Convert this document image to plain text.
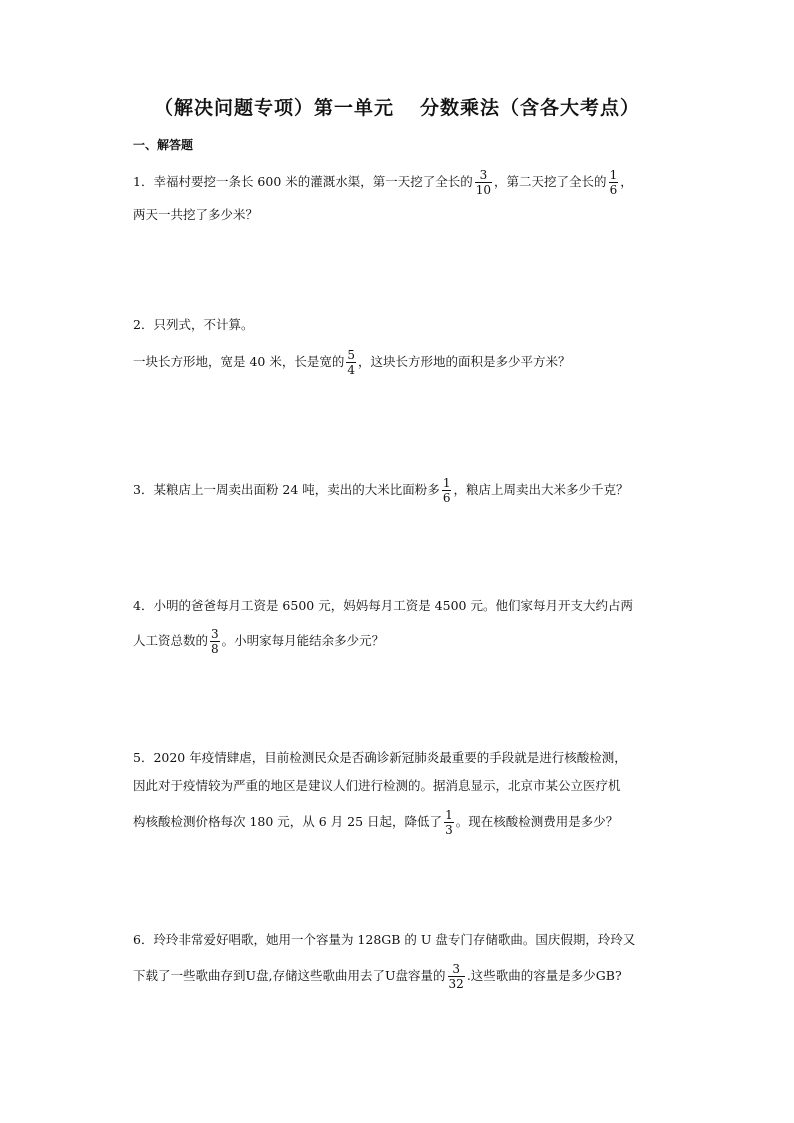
（解决问题专项）第一单元 分数乘法（含各大考点）
一、解答题
1．幸福村要挖一条长 600 米的灌溉水渠，第一天挖了全长的 $\frac{3}{10}$ ，第二天挖了全长的 $\frac{1}{6}$ ，
两天一共挖了多少米？
2．只列式，不计算。
一块长方形地，宽是 40 米，长是宽的 $\frac{5}{4}$ ，这块长方形地的面积是多少平方米？
3．某粮店上一周卖出面粉 24 吨，卖出的大米比面粉多 $\frac{1}{6}$ ，粮店上周卖出大米多少千克？
4．小明的爸爸每月工资是 6500 元，妈妈每月工资是 4500 元。他们家每月开支大约占两
人工资总数的 $\frac{3}{8}$ 。小明家每月能结余多少元？
5．2020 年疫情肆虐，目前检测民众是否确诊新冠肺炎最重要的手段就是进行核酸检测，
因此对于疫情较为严重的地区是建议人们进行检测的。据消息显示，北京市某公立医疗机
构核酸检测价格每次 180 元，从 6 月 25 日起，降低了 $\frac{1}{3}$ 。现在核酸检测费用是多少？
6．玲玲非常爱好唱歌，她用一个容量为 128GB 的 U 盘专门存储歌曲。国庆假期，玲玲又
下载了一些歌曲存到U盘,存储这些歌曲用去了U盘容量的 $\frac{3}{32}$ .这些歌曲的容量是多少GB?
